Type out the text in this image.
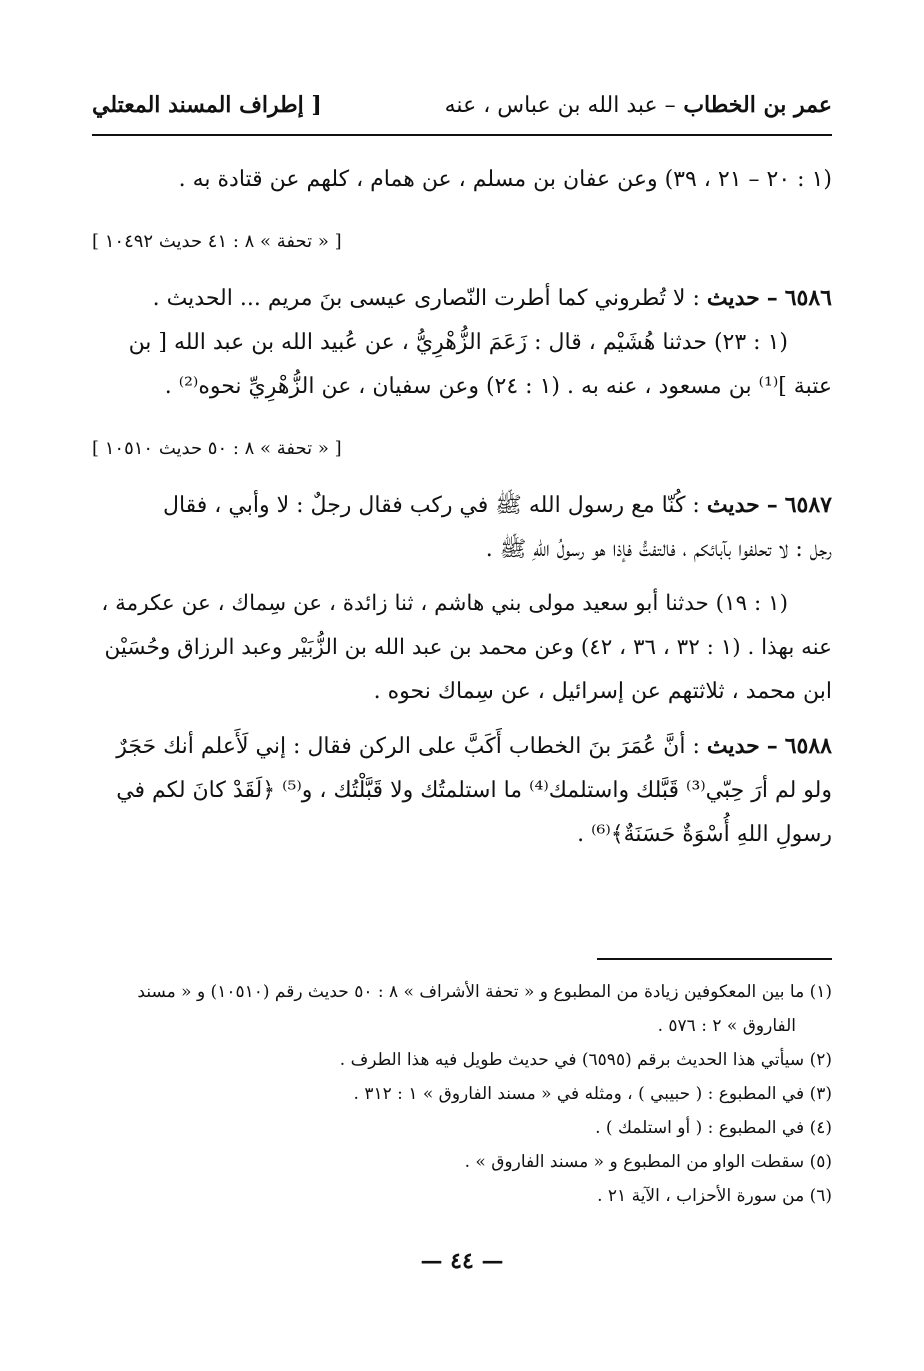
عمر بن الخطاب – عبد الله بن عباس ، عنه
[ إطراف المسند المعتلي
(١ : ٢٠ – ٢١ ، ٣٩) وعن عفان بن مسلم ، عن همام ، كلهم عن قتادة به .
[ « تحفة » ٨ : ٤١ حديث ١٠٤٩٢ ]
٦٥٨٦ – حديث : لا تُطروني كما أطرت النّصارى عيسى بنَ مريم ... الحديث .
(١ : ٢٣) حدثنا هُشَيْم ، قال : زَعَمَ الزُّهْرِيُّ ، عن عُبيد الله بن عبد الله [ بن
عتبة ]⁽¹⁾ بن مسعود ، عنه به . (١ : ٢٤) وعن سفيان ، عن الزُّهْرِيِّ نحوه⁽²⁾ .
[ « تحفة » ٨ : ٥٠ حديث ١٠٥١٠ ]
٦٥٨٧ – حديث : كُنّا مع رسول الله ﷺ في ركب فقال رجلٌ : لا وأبي ، فقال
رجل : لا تحلفوا بآبائكم ، فالتفتُّ فإذا هو رسولُ اللهِ ﷺ .
(١ : ١٩) حدثنا أبو سعيد مولى بني هاشم ، ثنا زائدة ، عن سِماك ، عن عكرمة ،
عنه بهذا . (١ : ٣٢ ، ٣٦ ، ٤٢) وعن محمد بن عبد الله بن الزُّبَيْر وعبد الرزاق وحُسَيْن
ابن محمد ، ثلاثتهم عن إسرائيل ، عن سِماك نحوه .
٦٥٨٨ – حديث : أنَّ عُمَرَ بنَ الخطاب أَكَبَّ على الركن فقال : إني لَأَعلم أنك حَجَرٌ
ولو لم أرَ حِبّي⁽³⁾ قَبَّلك واستلمك⁽⁴⁾ ما استلمتُك ولا قَبَّلْتُك ، و⁽⁵⁾ ﴿لَقَدْ كانَ لكم في
رسولِ اللهِ أُسْوَةٌ حَسَنَةٌ﴾⁽⁶⁾ .
(١) ما بين المعكوفين زيادة من المطبوع و « تحفة الأشراف » ٨ : ٥٠ حديث رقم (١٠٥١٠) و « مسند
الفاروق » ٢ : ٥٧٦ .
(٢) سيأتي هذا الحديث برقم (٦٥٩٥) في حديث طويل فيه هذا الطرف .
(٣) في المطبوع : ( حبيبي ) ، ومثله في « مسند الفاروق » ١ : ٣١٢ .
(٤) في المطبوع : ( أو استلمك ) .
(٥) سقطت الواو من المطبوع و « مسند الفاروق » .
(٦) من سورة الأحزاب ، الآية ٢١ .
— ٤٤ —
